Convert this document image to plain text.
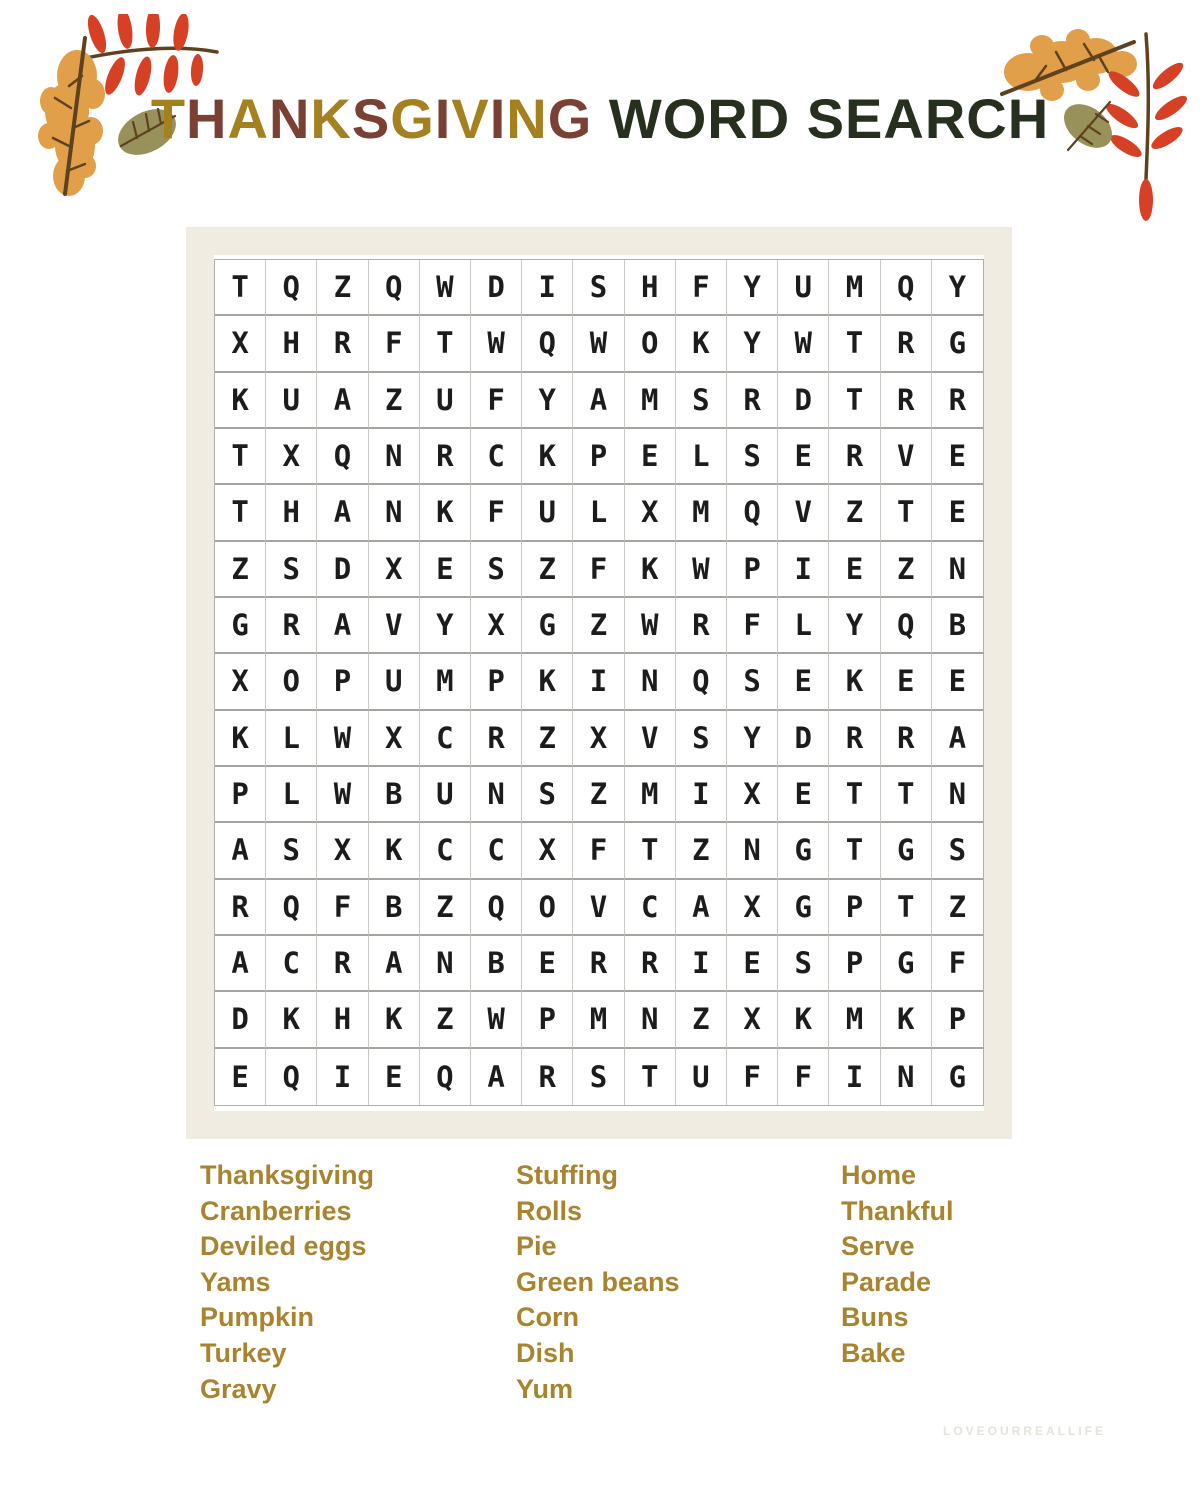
THANKSGIVING WORD SEARCH
T	Q	Z	Q	W	D	I	S	H	F	Y	U	M	Q	Y
X	H	R	F	T	W	Q	W	O	K	Y	W	T	R	G
K	U	A	Z	U	F	Y	A	M	S	R	D	T	R	R
T	X	Q	N	R	C	K	P	E	L	S	E	R	V	E
T	H	A	N	K	F	U	L	X	M	Q	V	Z	T	E
Z	S	D	X	E	S	Z	F	K	W	P	I	E	Z	N
G	R	A	V	Y	X	G	Z	W	R	F	L	Y	Q	B
X	O	P	U	M	P	K	I	N	Q	S	E	K	E	E
K	L	W	X	C	R	Z	X	V	S	Y	D	R	R	A
P	L	W	B	U	N	S	Z	M	I	X	E	T	T	N
A	S	X	K	C	C	X	F	T	Z	N	G	T	G	S
R	Q	F	B	Z	Q	O	V	C	A	X	G	P	T	Z
A	C	R	A	N	B	E	R	R	I	E	S	P	G	F
D	K	H	K	Z	W	P	M	N	Z	X	K	M	K	P
E	Q	I	E	Q	A	R	S	T	U	F	F	I	N	G
Thanksgiving
Cranberries
Deviled eggs
Yams
Pumpkin
Turkey
Gravy
Stuffing
Rolls
Pie
Green beans
Corn
Dish
Yum
Home
Thankful
Serve
Parade
Buns
Bake
LOVEOURREALLIFE
